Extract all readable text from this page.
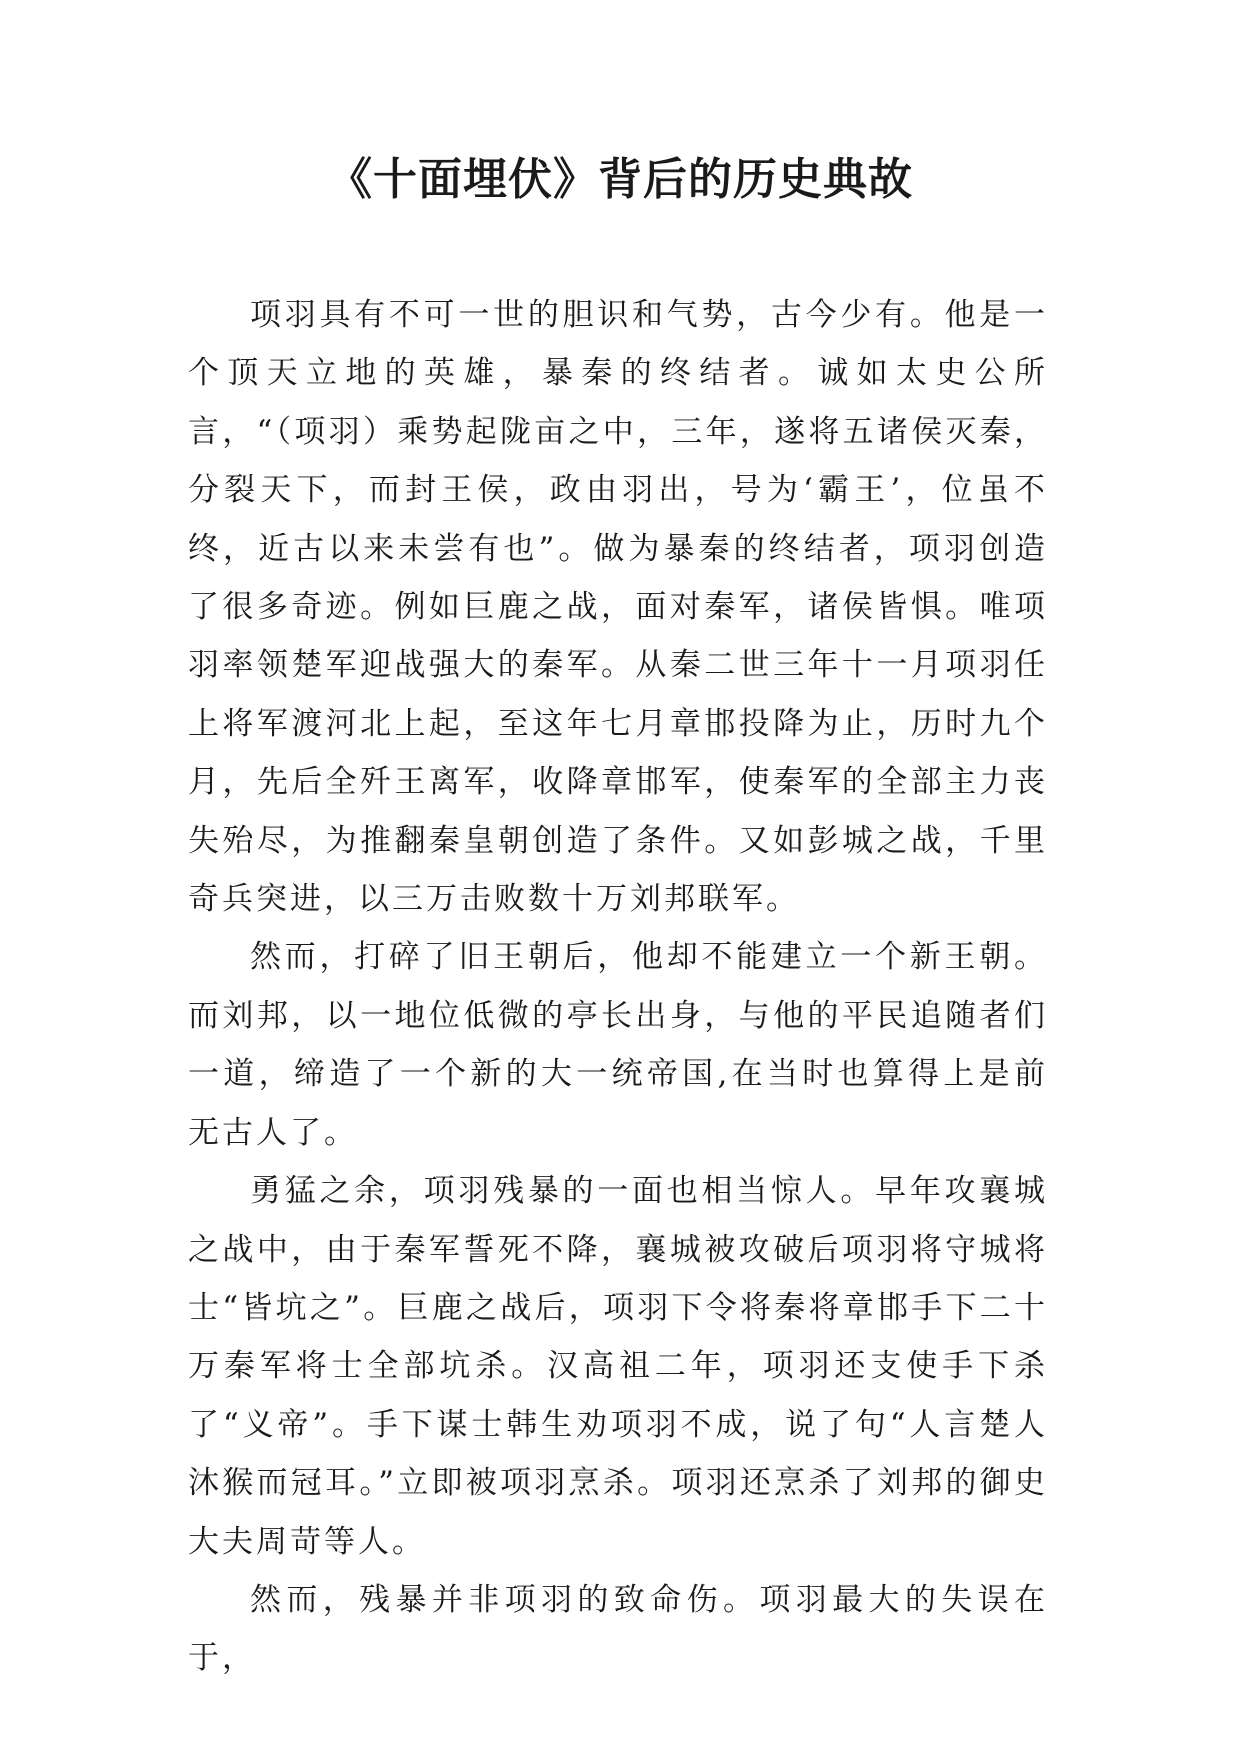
《十面埋伏》背后的历史典故

项羽具有不可一世的胆识和气势，古今少有。他是一个顶天立地的英雄，暴秦的终结者。诚如太史公所言，“（项羽）乘势起陇亩之中，三年，遂将五诸侯灭秦，分裂天下，而封王侯，政由羽出，号为‘霸王’，位虽不终，近古以来未尝有也”。做为暴秦的终结者，项羽创造了很多奇迹。例如巨鹿之战，面对秦军，诸侯皆惧。唯项羽率领楚军迎战强大的秦军。从秦二世三年十一月项羽任上将军渡河北上起，至这年七月章邯投降为止，历时九个月，先后全歼王离军，收降章邯军，使秦军的全部主力丧失殆尽，为推翻秦皇朝创造了条件。又如彭城之战，千里奇兵突进，以三万击败数十万刘邦联军。

然而，打碎了旧王朝后，他却不能建立一个新王朝。而刘邦，以一地位低微的亭长出身，与他的平民追随者们一道，缔造了一个新的大一统帝国,在当时也算得上是前无古人了。

勇猛之余，项羽残暴的一面也相当惊人。早年攻襄城之战中，由于秦军誓死不降，襄城被攻破后项羽将守城将士“皆坑之”。巨鹿之战后，项羽下令将秦将章邯手下二十万秦军将士全部坑杀。汉高祖二年，项羽还支使手下杀了“义帝”。手下谋士韩生劝项羽不成，说了句“人言楚人沐猴而冠耳。”立即被项羽烹杀。项羽还烹杀了刘邦的御史大夫周苛等人。

然而，残暴并非项羽的致命伤。项羽最大的失误在于，
